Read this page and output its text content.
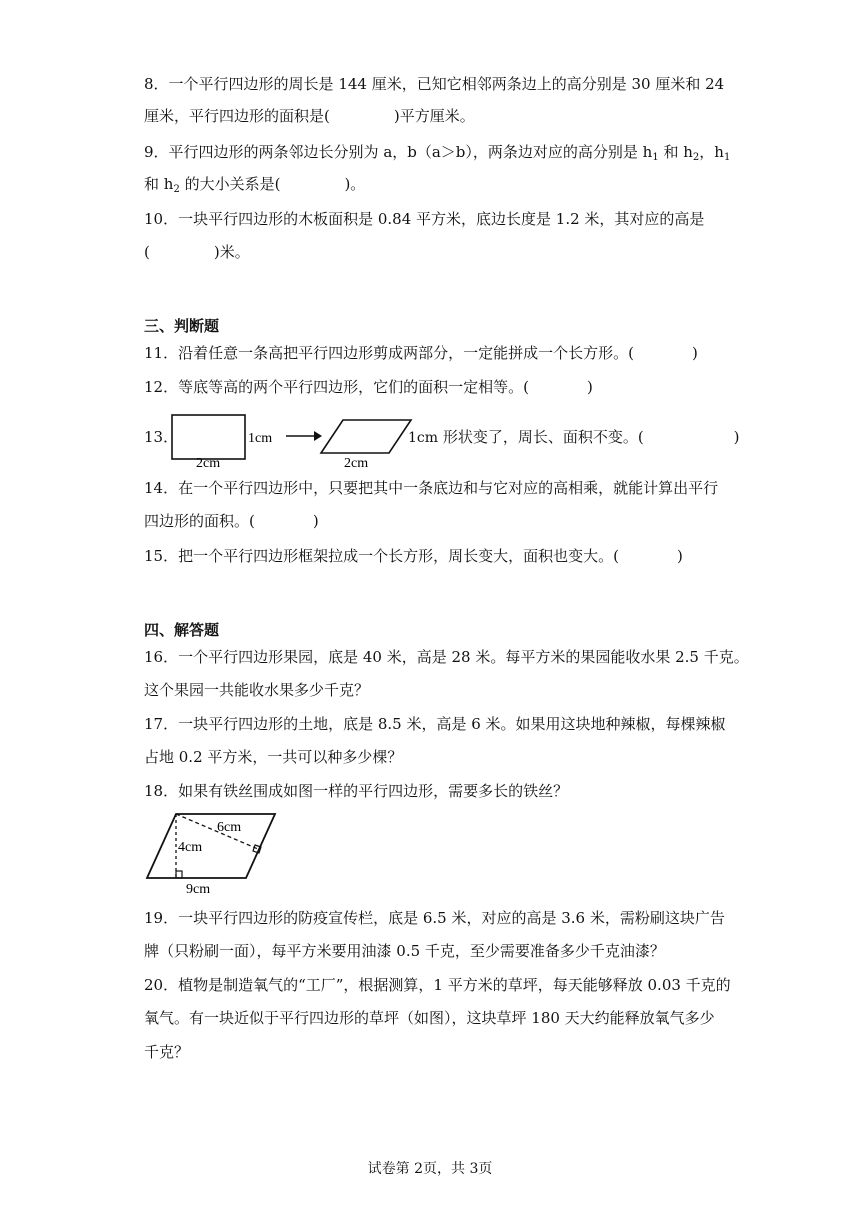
8．一个平行四边形的周长是 144 厘米，已知它相邻两条边上的高分别是 30 厘米和 24
厘米，平行四边形的面积是(	)平方厘米。
9．平行四边形的两条邻边长分别为 a，b（a＞b），两条边对应的高分别是 $h_1$ 和 $h_2$，$h_1$
和 $h_2$ 的大小关系是(	)。
10．一块平行四边形的木板面积是 0.84 平方米，底边长度是 1.2 米，其对应的高是
(	)米。
三、判断题
11．沿着任意一条高把平行四边形剪成两部分，一定能拼成一个长方形。(	)
12．等底等高的两个平行四边形，它们的面积一定相等。(	)
13．	1cm
2cm	2cm
1cm 形状变了，周长、面积不变。(	)
14．在一个平行四边形中，只要把其中一条底边和与它对应的高相乘，就能计算出平行
四边形的面积。(	)
15．把一个平行四边形框架拉成一个长方形，周长变大，面积也变大。(	)
四、解答题
16．一个平行四边形果园，底是 40 米，高是 28 米。每平方米的果园能收水果 2.5 千克。
这个果园一共能收水果多少千克？
17．一块平行四边形的土地，底是 8.5 米，高是 6 米。如果用这块地种辣椒，每棵辣椒
占地 0.2 平方米，一共可以种多少棵？
18．如果有铁丝围成如图一样的平行四边形，需要多长的铁丝？
6cm
4cm
9cm
19．一块平行四边形的防疫宣传栏，底是 6.5 米，对应的高是 3.6 米，需粉刷这块广告
牌（只粉刷一面），每平方米要用油漆 0.5 千克，至少需要准备多少千克油漆？
20．植物是制造氧气的“工厂”，根据测算，1 平方米的草坪，每天能够释放 0.03 千克的
氧气。有一块近似于平行四边形的草坪（如图），这块草坪 180 天大约能释放氧气多少
千克？
试卷第 2页，共 3页
